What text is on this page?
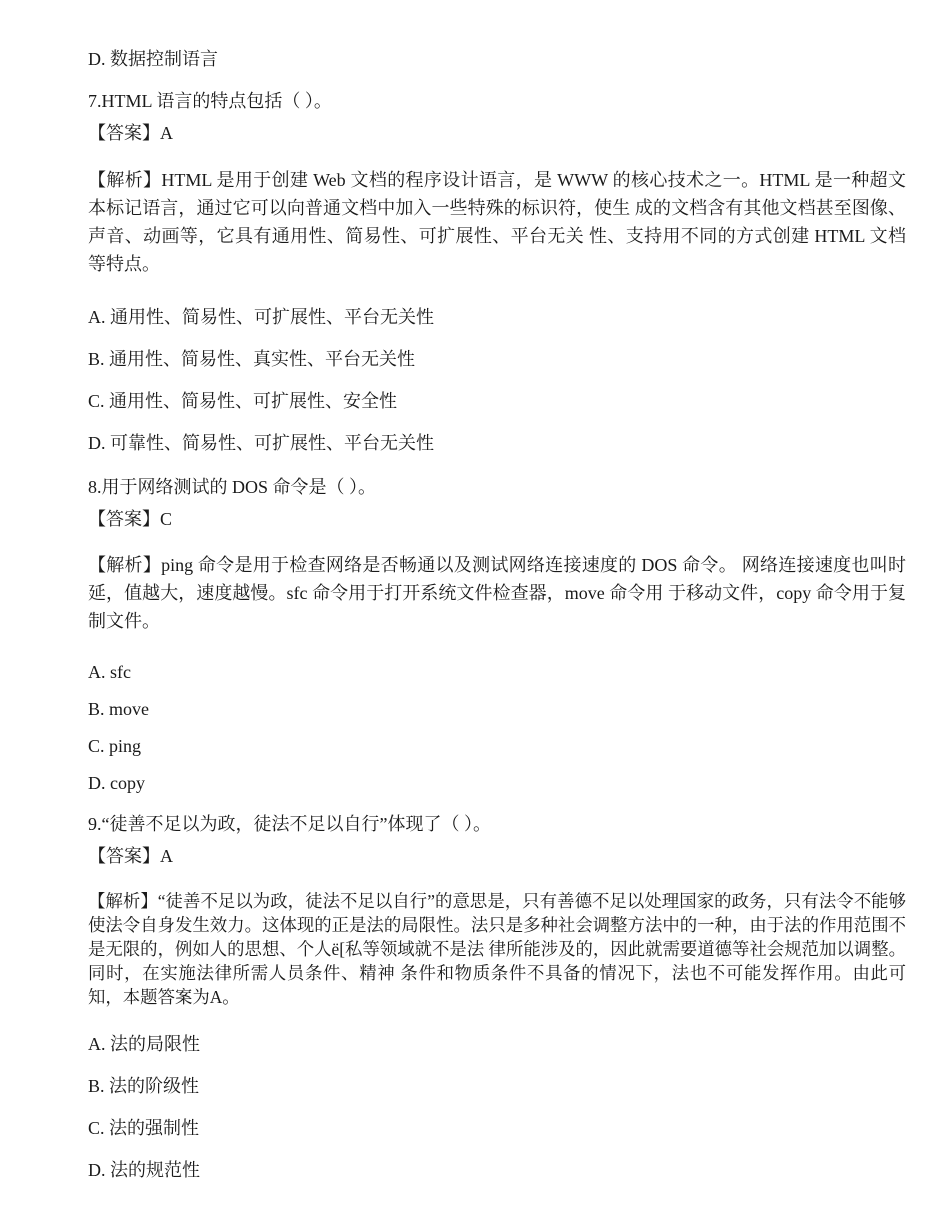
D. 数据控制语言
7.HTML 语言的特点包括（ ）。
【答案】A
【解析】HTML 是用于创建 Web 文档的程序设计语言，是 WWW 的核心技术之一。HTML 是一种超文本标记语言，通过它可以向普通文档中加入一些特殊的标识符，使生 成的文档含有其他文档甚至图像、声音、动画等，它具有通用性、简易性、可扩展性、平台无关 性、支持用不同的方式创建 HTML 文档等特点。
A. 通用性、简易性、可扩展性、平台无关性
B. 通用性、简易性、真实性、平台无关性
C. 通用性、简易性、可扩展性、安全性
D. 可靠性、简易性、可扩展性、平台无关性
8.用于网络测试的 DOS 命令是（ ）。
【答案】C
【解析】ping 命令是用于检查网络是否畅通以及测试网络连接速度的 DOS 命令。 网络连接速度也叫时延，值越大，速度越慢。sfc 命令用于打开系统文件检查器，move 命令用 于移动文件，copy 命令用于复制文件。
A. sfc
B. move
C. ping
D. copy
9.“徒善不足以为政，徒法不足以自行”体现了（ ）。
【答案】A
【解析】“徒善不足以为政，徒法不足以自行”的意思是，只有善德不足以处理国家的政务，只有法令不能够使法令自身发生效力。这体现的正是法的局限性。法只是多种社会调整方法中的一种，由于法的作用范围不是无限的，例如人的思想、个人ё[私等领域就不是法 律所能涉及的，因此就需要道德等社会规范加以调整。同时，在实施法律所需人员条件、精神 条件和物质条件不具备的情况下，法也不可能发挥作用。由此可知，本题答案为A。
A. 法的局限性
B. 法的阶级性
C. 法的强制性
D. 法的规范性
